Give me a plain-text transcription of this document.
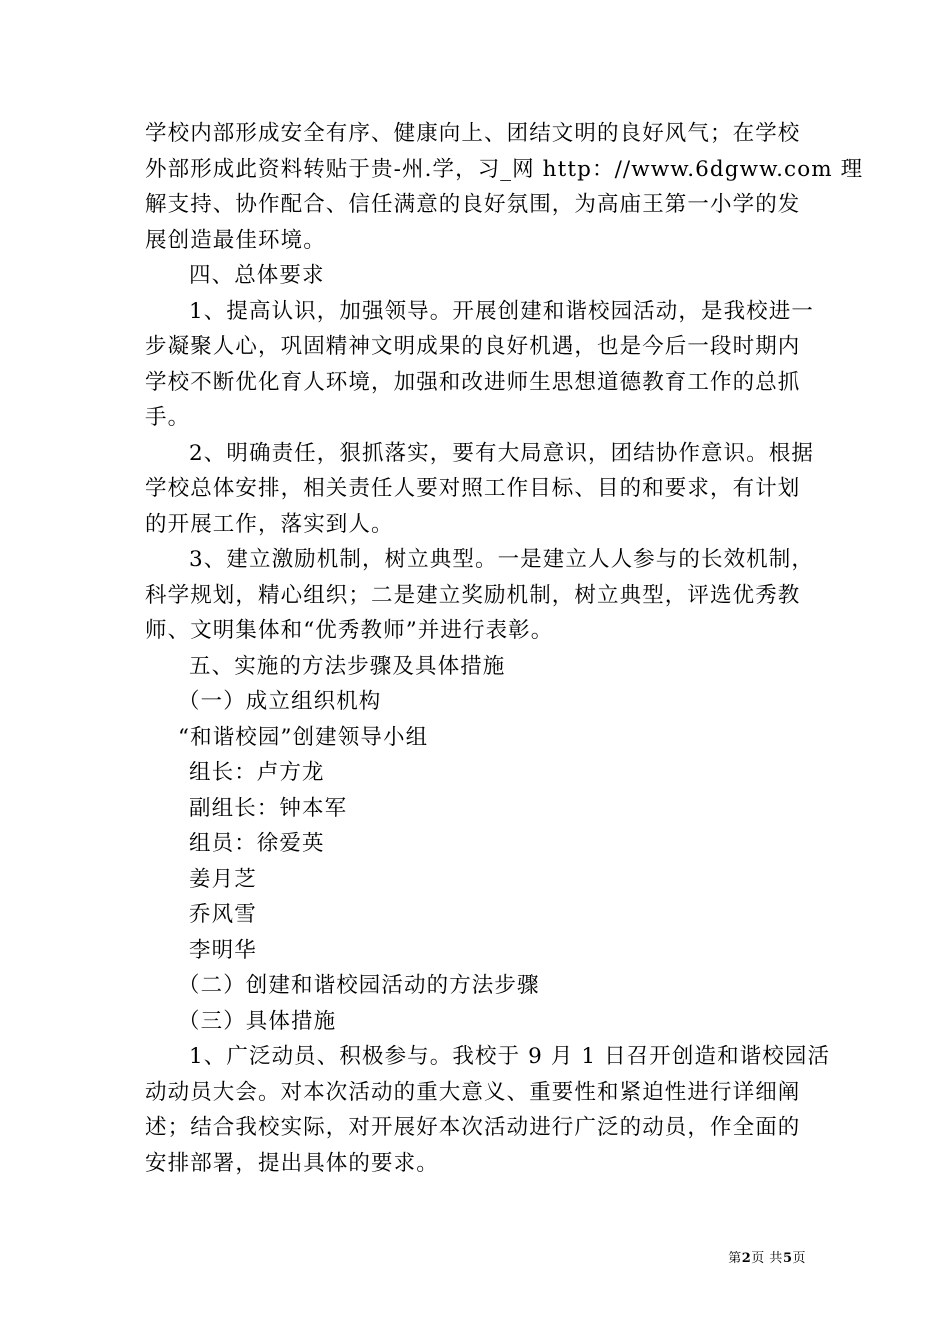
学校内部形成安全有序、健康向上、团结文明的良好风气；在学校
外部形成此资料转贴于贵-州.学，习_网 http：//www.6dgww.com 理
解支持、协作配合、信任满意的良好氛围，为高庙王第一小学的发
展创造最佳环境。
四、总体要求
1、提高认识，加强领导。开展创建和谐校园活动，是我校进一
步凝聚人心，巩固精神文明成果的良好机遇，也是今后一段时期内
学校不断优化育人环境，加强和改进师生思想道德教育工作的总抓
手。
2、明确责任，狠抓落实，要有大局意识，团结协作意识。根据
学校总体安排，相关责任人要对照工作目标、目的和要求，有计划
的开展工作，落实到人。
3、建立激励机制，树立典型。一是建立人人参与的长效机制，
科学规划，精心组织；二是建立奖励机制，树立典型，评选优秀教
师、文明集体和“优秀教师”并进行表彰。
五、实施的方法步骤及具体措施
（一）成立组织机构
“和谐校园”创建领导小组
组长：卢方龙
副组长：钟本军
组员：徐爱英
姜月芝
乔风雪
李明华
（二）创建和谐校园活动的方法步骤
（三）具体措施
1、广泛动员、积极参与。我校于 9 月 1 日召开创造和谐校园活
动动员大会。对本次活动的重大意义、重要性和紧迫性进行详细阐
述；结合我校实际，对开展好本次活动进行广泛的动员，作全面的
安排部署，提出具体的要求。
第2页 共5页
